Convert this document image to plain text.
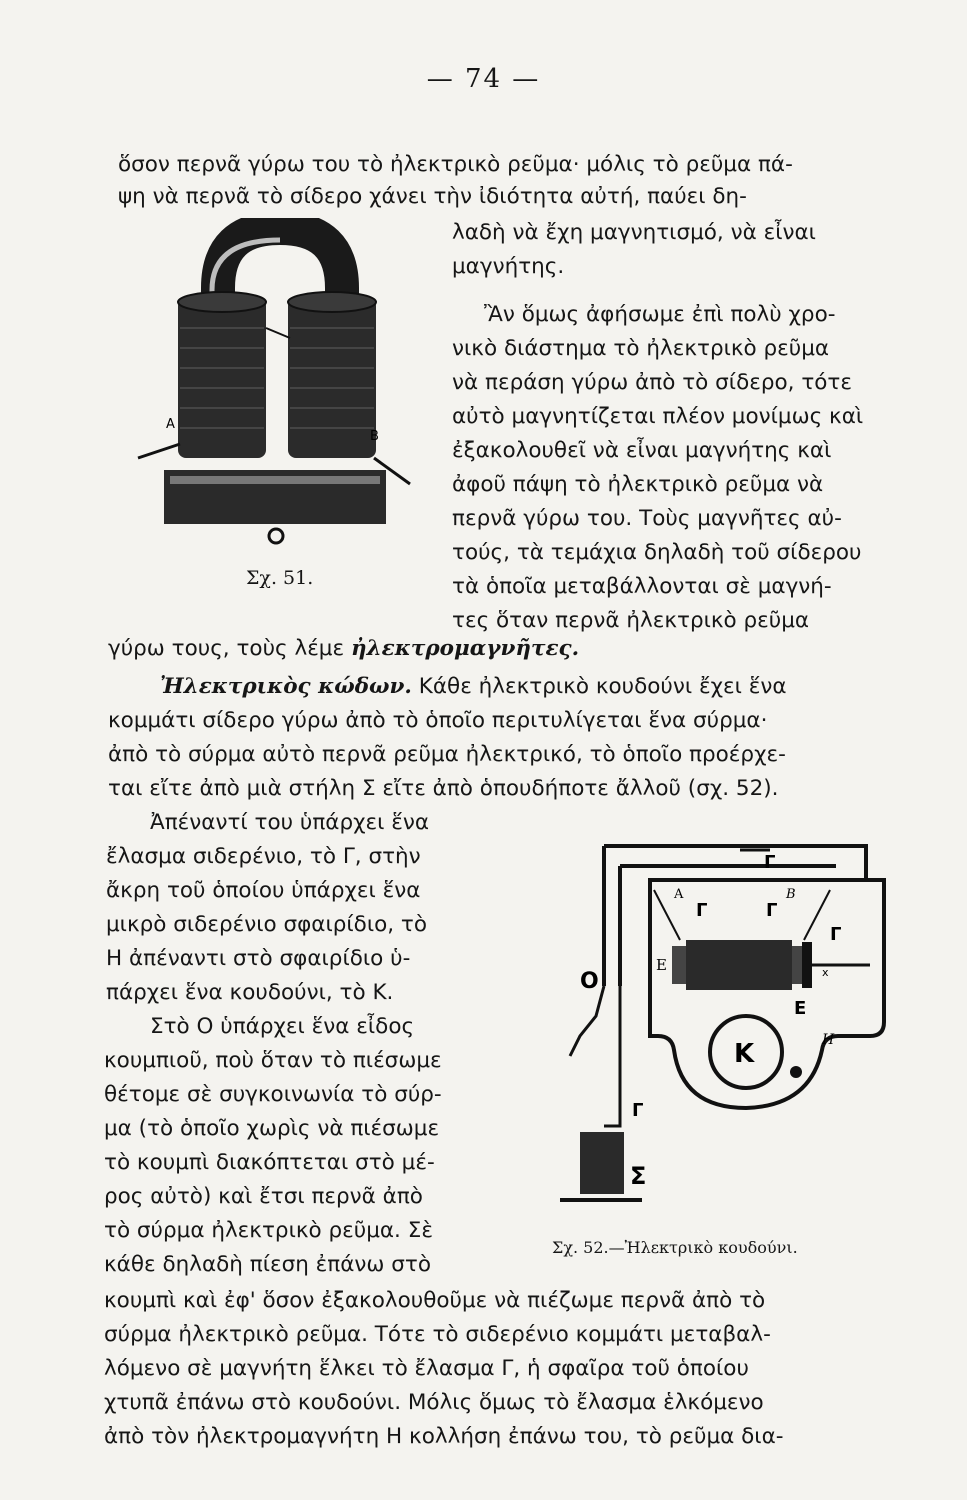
— 74 —
ὅσον περνᾶ γύρω του τὸ ἠλεκτρικὸ ρεῦμα· μόλις τὸ ρεῦμα πά-
ψη νὰ περνᾶ τὸ σίδερο χάνει τὴν ἰδιότητα αὐτή, παύει δη-
λαδὴ νὰ ἔχη μαγνητισμό, νὰ εἶναι
μαγνήτης.
Ἂν ὅμως ἀφήσωμε ἐπὶ πολὺ χρο-
νικὸ διάστημα τὸ ἠλεκτρικὸ ρεῦμα
νὰ περάση γύρω ἀπὸ τὸ σίδερο, τότε
αὐτὸ μαγνητίζεται πλέον μονίμως καὶ
ἐξακολουθεῖ νὰ εἶναι μαγνήτης καὶ
ἀφοῦ πάψη τὸ ἠλεκτρικὸ ρεῦμα νὰ
περνᾶ γύρω του. Τοὺς μαγνῆτες αὐ-
τούς, τὰ τεμάχια δηλαδὴ τοῦ σίδερου
τὰ ὁποῖα μεταβάλλονται σὲ μαγνή-
τες ὅταν περνᾶ ἠλεκτρικὸ ρεῦμα
γύρω τους, τοὺς λέμε ἠλεκτρομαγνῆτες.
Ἠλεκτρικὸς κώδων. Κάθε ἠλεκτρικὸ κουδούνι ἔχει ἕνα
κομμάτι σίδερο γύρω ἀπὸ τὸ ὁποῖο περιτυλίγεται ἕνα σύρμα·
ἀπὸ τὸ σύρμα αὐτὸ περνᾶ ρεῦμα ἠλεκτρικό, τὸ ὁποῖο προέρχε-
ται εἴτε ἀπὸ μιὰ στήλη Σ εἴτε ἀπὸ ὁπουδήποτε ἄλλοῦ (σχ. 52).
Ἀπέναντί του ὑπάρχει ἕνα
ἔλασμα σιδερένιο, τὸ Γ, στὴν
ἄκρη τοῦ ὁποίου ὑπάρχει ἕνα
μικρὸ σιδερένιο σφαιρίδιο, τὸ
Η ἀπέναντι στὸ σφαιρίδιο ὑ-
πάρχει ἕνα κουδούνι, τὸ Κ.
Στὸ Ο ὑπάρχει ἕνα εἶδος
κουμπιοῦ, ποὺ ὅταν τὸ πιέσωμε
θέτομε σὲ συγκοινωνία τὸ σύρ-
μα (τὸ ὁποῖο χωρὶς νὰ πιέσωμε
τὸ κουμπὶ διακόπτεται στὸ μέ-
ρος αὐτὸ) καὶ ἔτσι περνᾶ ἀπὸ
τὸ σύρμα ἠλεκτρικὸ ρεῦμα. Σὲ
κάθε δηλαδὴ πίεση ἐπάνω στὸ
κουμπὶ καὶ ἐφ' ὅσον ἐξακολουθοῦμε νὰ πιέζωμε περνᾶ ἀπὸ τὸ
σύρμα ἠλεκτρικὸ ρεῦμα. Τότε τὸ σιδερένιο κομμάτι μεταβαλ-
λόμενο σὲ μαγνήτη ἕλκει τὸ ἔλασμα Γ, ἡ σφαῖρα τοῦ ὁποίου
χτυπᾶ ἐπάνω στὸ κουδούνι. Μόλις ὅμως τὸ ἔλασμα ἑλκόμενο
ἀπὸ τὸν ἠλεκτρομαγνήτη Η κολλήση ἐπάνω του, τὸ ρεῦμα δια-
A
B
Σχ. 51.
Γ
A
Γ
B
Γ
Γ
E
E
x
O
K	H
Γ
Σ
Σχ. 52.—Ἠλεκτρικὸ κουδούνι.
